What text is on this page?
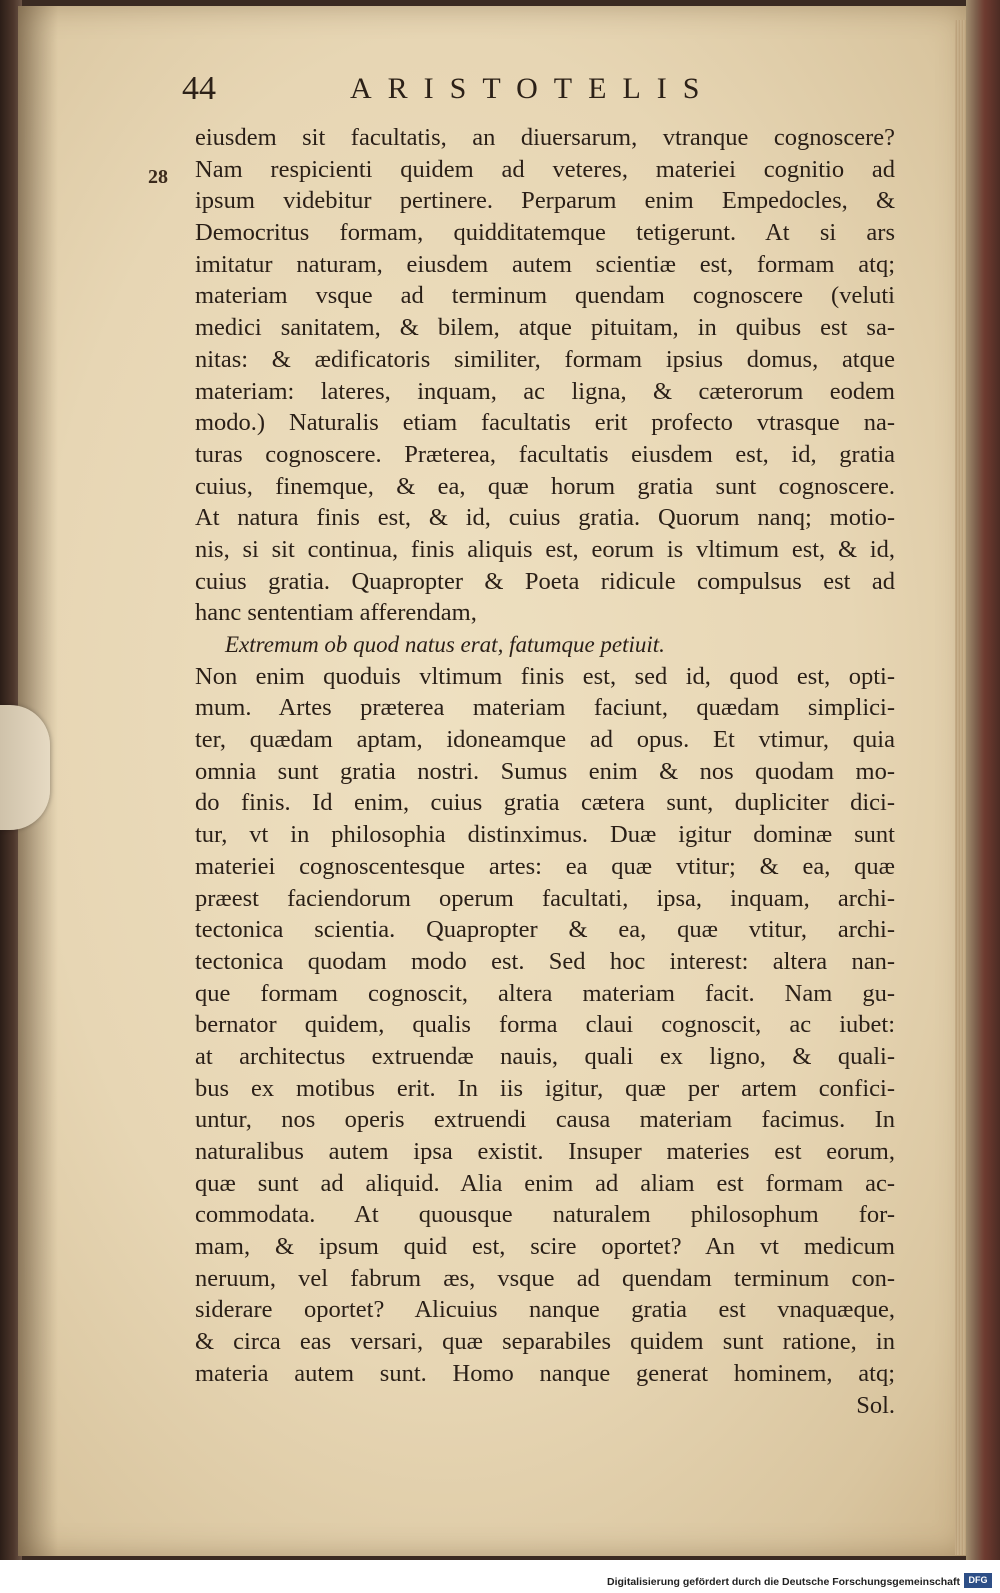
44	ARISTOTELIS
28
eiusdem sit facultatis, an diuersarum, vtranque cognoscere?
Nam respicienti quidem ad veteres, materiei cognitio ad
ipsum videbitur pertinere. Perparum enim Empedocles, &
Democritus formam, quidditatemque tetigerunt. At si ars
imitatur naturam, eiusdem autem scientiæ est, formam atq;
materiam vsque ad terminum quendam cognoscere (veluti
medici sanitatem, & bilem, atque pituitam, in quibus est sa-
nitas: & ædificatoris similiter, formam ipsius domus, atque
materiam: lateres, inquam, ac ligna, & cæterorum eodem
modo.) Naturalis etiam facultatis erit profecto vtrasque na-
turas cognoscere. Præterea, facultatis eiusdem est, id, gratia
cuius, finemque, & ea, quæ horum gratia sunt cognoscere.
At natura finis est, & id, cuius gratia. Quorum nanq; motio-
nis, si sit continua, finis aliquis est, eorum is vltimum est, & id,
cuius gratia. Quapropter & Poeta ridicule compulsus est ad
hanc sententiam afferendam,
Extremum ob quod natus erat, fatumque petiuit.
Non enim quoduis vltimum finis est, sed id, quod est, opti-
mum. Artes præterea materiam faciunt, quædam simplici-
ter, quædam aptam, idoneamque ad opus. Et vtimur, quia
omnia sunt gratia nostri. Sumus enim & nos quodam mo-
do finis. Id enim, cuius gratia cætera sunt, dupliciter dici-
tur, vt in philosophia distinximus. Duæ igitur dominæ sunt
materiei cognoscentesque artes: ea quæ vtitur; & ea, quæ
præest faciendorum operum facultati, ipsa, inquam, archi-
tectonica scientia. Quapropter & ea, quæ vtitur, archi-
tectonica quodam modo est. Sed hoc interest: altera nan-
que formam cognoscit, altera materiam facit. Nam gu-
bernator quidem, qualis forma claui cognoscit, ac iubet:
at architectus extruendæ nauis, quali ex ligno, & quali-
bus ex motibus erit. In iis igitur, quæ per artem confici-
untur, nos operis extruendi causa materiam facimus. In
naturalibus autem ipsa existit. Insuper materies est eorum,
quæ sunt ad aliquid. Alia enim ad aliam est formam ac-
commodata. At quousque naturalem philosophum for-
mam, & ipsum quid est, scire oportet? An vt medicum
neruum, vel fabrum æs, vsque ad quendam terminum con-
siderare oportet? Alicuius nanque gratia est vnaquæque,
& circa eas versari, quæ separabiles quidem sunt ratione, in
materia autem sunt. Homo nanque generat hominem, atq;
Sol.
Digitalisierung gefördert durch die Deutsche Forschungsgemeinschaft DFG
